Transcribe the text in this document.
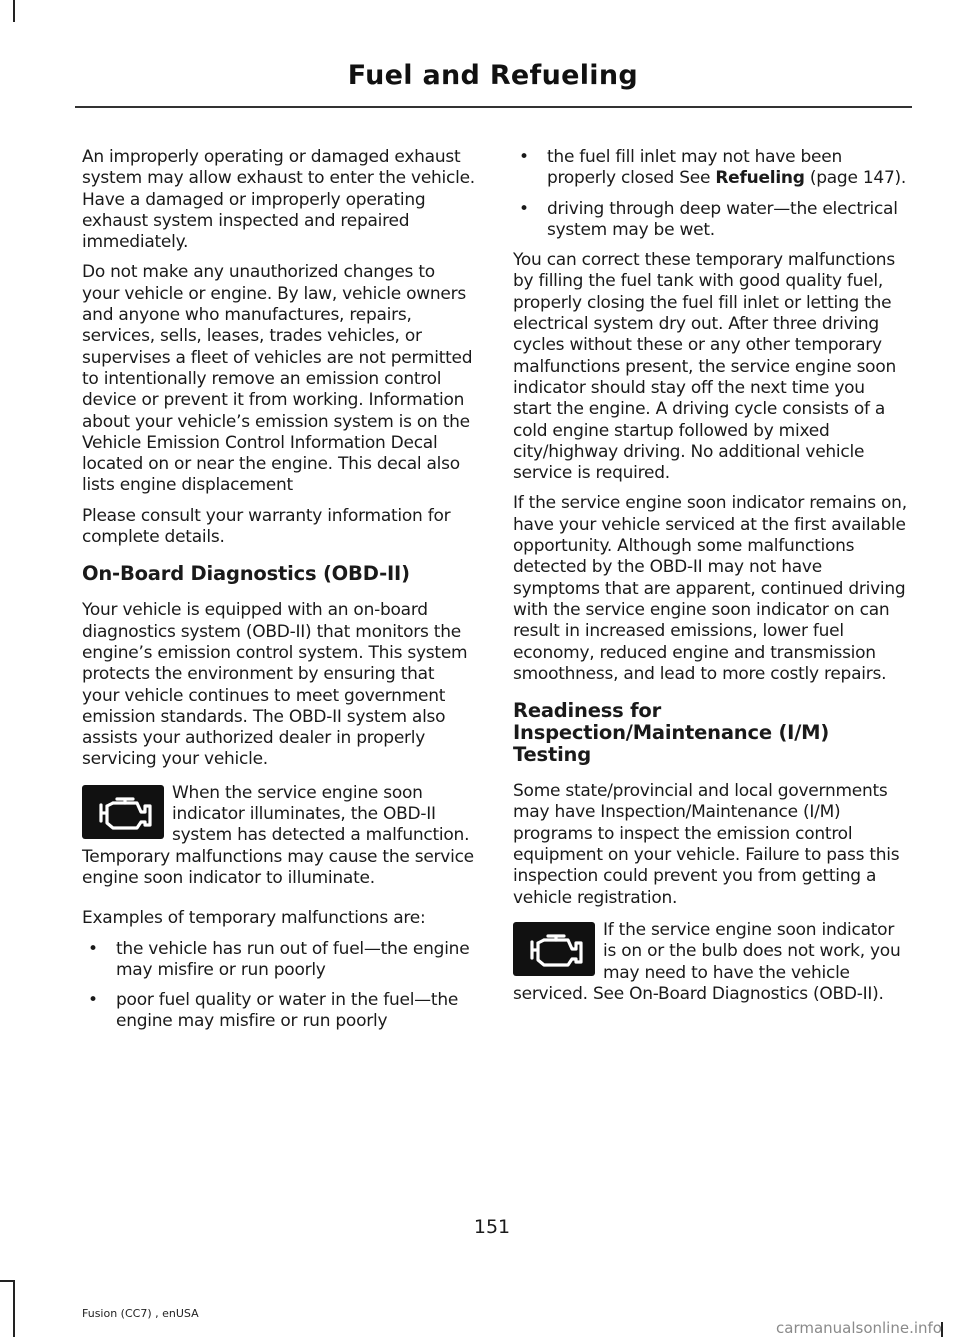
Fuel and Refueling

An improperly operating or damaged exhaust system may allow exhaust to enter the vehicle. Have a damaged or improperly operating exhaust system inspected and repaired immediately.

Do not make any unauthorized changes to your vehicle or engine. By law, vehicle owners and anyone who manufactures, repairs, services, sells, leases, trades vehicles, or supervises a fleet of vehicles are not permitted to intentionally remove an emission control device or prevent it from working. Information about your vehicle’s emission system is on the Vehicle Emission Control Information Decal located on or near the engine. This decal also lists engine displacement

Please consult your warranty information for complete details.

On-Board Diagnostics (OBD-II)

Your vehicle is equipped with an on-board diagnostics system (OBD-II) that monitors the engine’s emission control system. This system protects the environment by ensuring that your vehicle continues to meet government emission standards. The OBD-II system also assists your authorized dealer in properly servicing your vehicle.

When the service engine soon indicator illuminates, the OBD-II system has detected a malfunction. Temporary malfunctions may cause the service engine soon indicator to illuminate.

Examples of temporary malfunctions are:

• the vehicle has run out of fuel—the engine may misfire or run poorly
• poor fuel quality or water in the fuel—the engine may misfire or run poorly
• the fuel fill inlet may not have been properly closed See Refueling (page 147).
• driving through deep water—the electrical system may be wet.

You can correct these temporary malfunctions by filling the fuel tank with good quality fuel, properly closing the fuel fill inlet or letting the electrical system dry out. After three driving cycles without these or any other temporary malfunctions present, the service engine soon indicator should stay off the next time you start the engine. A driving cycle consists of a cold engine startup followed by mixed city/highway driving. No additional vehicle service is required.

If the service engine soon indicator remains on, have your vehicle serviced at the first available opportunity. Although some malfunctions detected by the OBD-II may not have symptoms that are apparent, continued driving with the service engine soon indicator on can result in increased emissions, lower fuel economy, reduced engine and transmission smoothness, and lead to more costly repairs.

Readiness for Inspection/Maintenance (I/M) Testing

Some state/provincial and local governments may have Inspection/Maintenance (I/M) programs to inspect the emission control equipment on your vehicle. Failure to pass this inspection could prevent you from getting a vehicle registration.

If the service engine soon indicator is on or the bulb does not work, you may need to have the vehicle serviced. See On-Board Diagnostics (OBD-II).

151
Fusion (CC7) , enUSA
carmanualsonline.info
